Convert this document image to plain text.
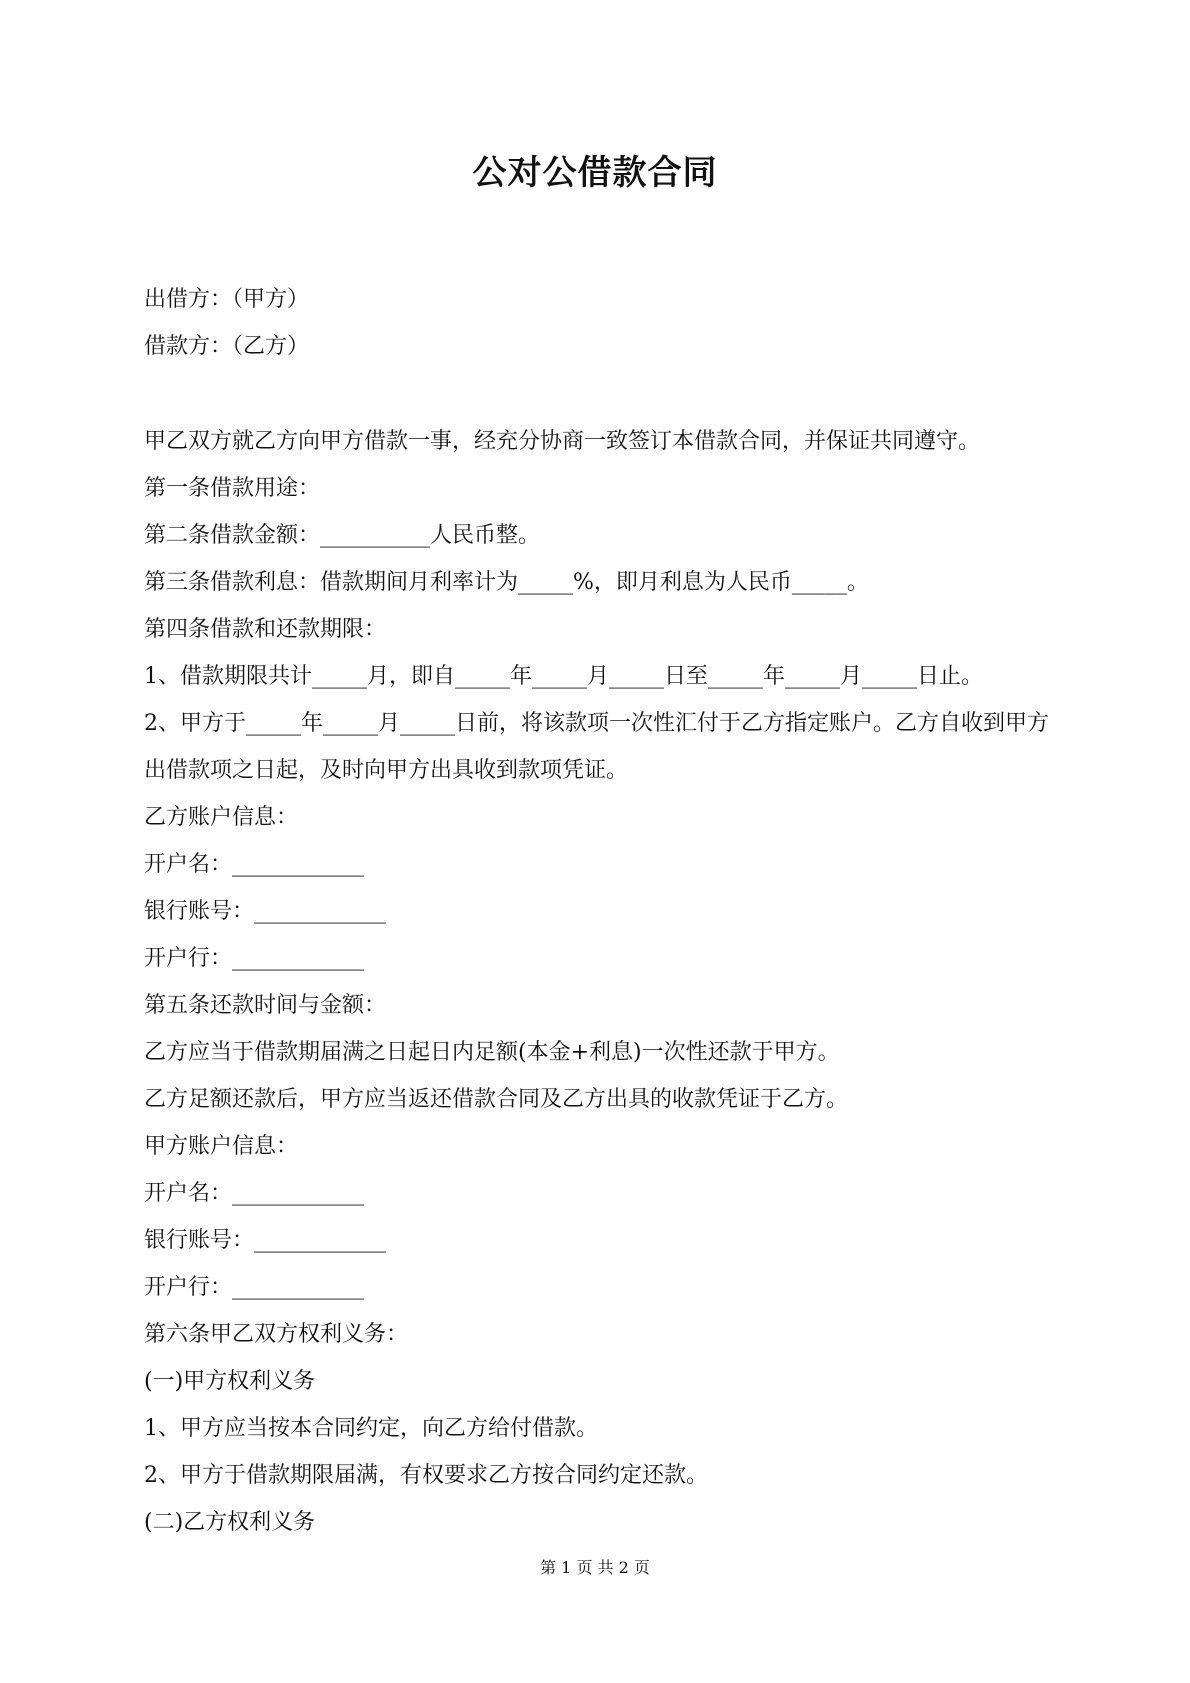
公对公借款合同

出借方：（甲方）

借款方：（乙方）

甲乙双方就乙方向甲方借款一事，经充分协商一致签订本借款合同，并保证共同遵守。

第一条借款用途：

第二条借款金额：__________人民币整。

第三条借款利息：借款期间月利率计为_____%，即月利息为人民币_____。

第四条借款和还款期限：

1、借款期限共计_____月，即自_____年_____月_____日至_____年_____月_____日止。

2、甲方于_____年_____月_____日前，将该款项一次性汇付于乙方指定账户。乙方自收到甲方出借款项之日起，及时向甲方出具收到款项凭证。

乙方账户信息：

开户名：____________

银行账号：____________

开户行：____________

第五条还款时间与金额：

乙方应当于借款期届满之日起日内足额(本金+利息)一次性还款于甲方。

乙方足额还款后，甲方应当返还借款合同及乙方出具的收款凭证于乙方。

甲方账户信息：

开户名：____________

银行账号：____________

开户行：____________

第六条甲乙双方权利义务：

(一)甲方权利义务

1、甲方应当按本合同约定，向乙方给付借款。

2、甲方于借款期限届满，有权要求乙方按合同约定还款。

(二)乙方权利义务

第 1 页 共 2 页
